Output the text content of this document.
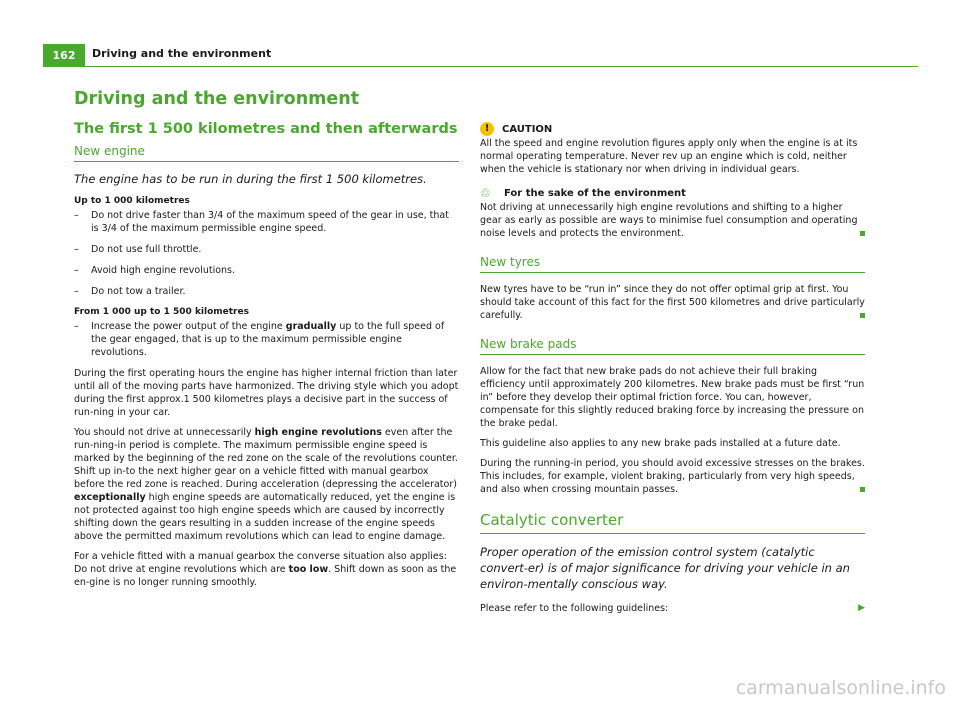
162	Driving and the environment
Driving and the environment
The first 1 500 kilometres and then afterwards
New engine
The engine has to be run in during the first 1 500 kilometres.
Up to 1 000 kilometres
– Do not drive faster than 3/4 of the maximum speed of the gear in use, that is 3/4 of the maximum permissible engine speed.
– Do not use full throttle.
– Avoid high engine revolutions.
– Do not tow a trailer.
From 1 000 up to 1 500 kilometres
– Increase the power output of the engine gradually up to the full speed of the gear engaged, that is up to the maximum permissible engine revolutions.

During the first operating hours the engine has higher internal friction than later until all of the moving parts have harmonized. The driving style which you adopt during the first approx.1 500 kilometres plays a decisive part in the success of run-ning in your car.

You should not drive at unnecessarily high engine revolutions even after the run-ning-in period is complete. The maximum permissible engine speed is marked by the beginning of the red zone on the scale of the revolutions counter. Shift up in-to the next higher gear on a vehicle fitted with manual gearbox before the red zone is reached. During acceleration (depressing the accelerator) exceptionally high engine speeds are automatically reduced, yet the engine is not protected against too high engine speeds which are caused by incorrectly shifting down the gears resulting in a sudden increase of the engine speeds above the permitted maximum revolutions which can lead to engine damage.

For a vehicle fitted with a manual gearbox the converse situation also applies: Do not drive at engine revolutions which are too low. Shift down as soon as the en-gine is no longer running smoothly.

!	CAUTION
All the speed and engine revolution figures apply only when the engine is at its normal operating temperature. Never rev up an engine which is cold, neither when the vehicle is stationary nor when driving in individual gears.
♲	For the sake of the environment
Not driving at unnecessarily high engine revolutions and shifting to a higher gear as early as possible are ways to minimise fuel consumption and operating noise levels and protects the environment.
New tyres

New tyres have to be “run in” since they do not offer optimal grip at first. You should take account of this fact for the first 500 kilometres and drive particularly carefully.

New brake pads

Allow for the fact that new brake pads do not achieve their full braking efficiency until approximately 200 kilometres. New brake pads must be first “run in” before they develop their optimal friction force. You can, however, compensate for this slightly reduced braking force by increasing the pressure on the brake pedal.

This guideline also applies to any new brake pads installed at a future date.

During the running-in period, you should avoid excessive stresses on the brakes. This includes, for example, violent braking, particularly from very high speeds, and also when crossing mountain passes.

Catalytic converter
Proper operation of the emission control system (catalytic convert-er) is of major significance for driving your vehicle in an environ-mentally conscious way.

Please refer to the following guidelines:	▶

carmanualsonline.info
